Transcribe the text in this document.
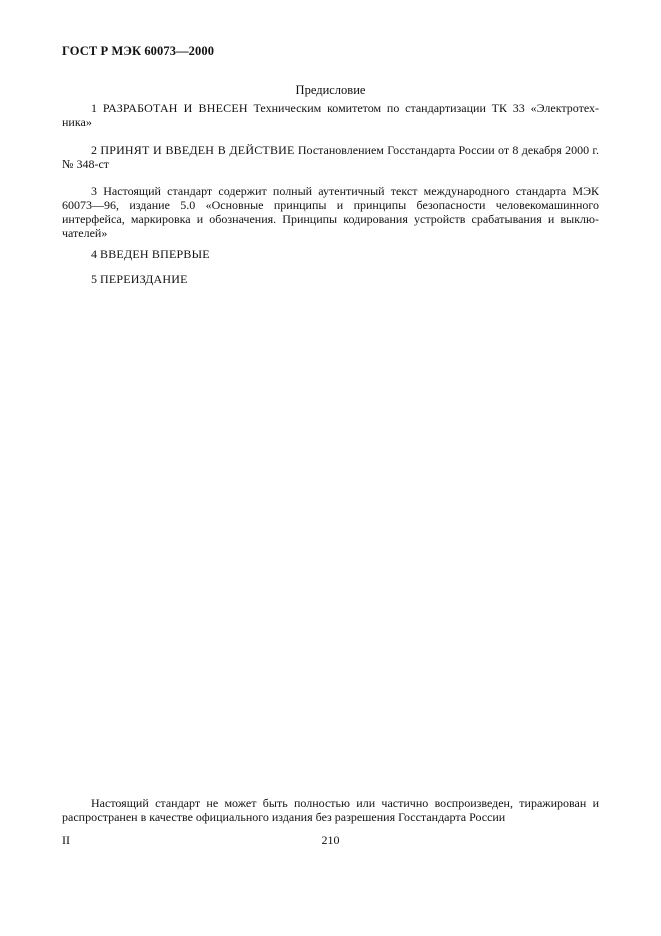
ГОСТ Р МЭК 60073—2000
Предисловие
1 РАЗРАБОТАН И ВНЕСЕН Техническим комитетом по стандартизации ТК 33 «Электротех-ника»
2 ПРИНЯТ И ВВЕДЕН В ДЕЙСТВИЕ Постановлением Госстандарта России от 8 декабря 2000 г. № 348-ст
3 Настоящий стандарт содержит полный аутентичный текст международного стандарта МЭК 60073—96, издание 5.0 «Основные принципы и принципы безопасности человекомашинного интерфейса, маркировка и обозначения. Принципы кодирования устройств срабатывания и выклю-чателей»
4 ВВЕДЕН ВПЕРВЫЕ
5 ПЕРЕИЗДАНИЕ
Настоящий стандарт не может быть полностью или частично воспроизведен, тиражирован и распространен в качестве официального издания без разрешения Госстандарта России
II	210
